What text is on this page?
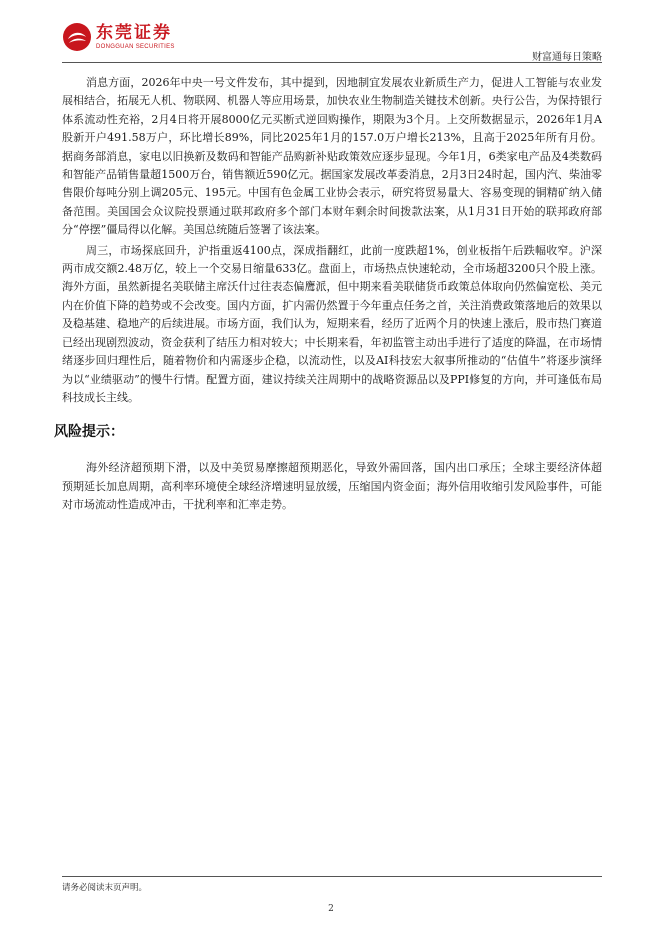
东莞证券
DONGGUAN SECURITIES
财富通每日策略

消息方面，2026年中央一号文件发布，其中提到，因地制宜发展农业新质生产力，促进人工智能与农业发展相结合，拓展无人机、物联网、机器人等应用场景，加快农业生物制造关键技术创新。央行公告，为保持银行体系流动性充裕，2月4日将开展8000亿元买断式逆回购操作，期限为3个月。上交所数据显示，2026年1月A股新开户491.58万户，环比增长89%，同比2025年1月的157.0万户增长213%，且高于2025年所有月份。据商务部消息，家电以旧换新及数码和智能产品购新补贴政策效应逐步显现。今年1月，6类家电产品及4类数码和智能产品销售量超1500万台，销售额近590亿元。据国家发展改革委消息，2月3日24时起，国内汽、柴油零售限价每吨分别上调205元、195元。中国有色金属工业协会表示，研究将贸易量大、容易变现的铜精矿纳入储备范围。美国国会众议院投票通过联邦政府多个部门本财年剩余时间拨款法案，从1月31日开始的联邦政府部分“停摆”僵局得以化解。美国总统随后签署了该法案。

周三，市场探底回升，沪指重返4100点，深成指翻红，此前一度跌超1%，创业板指午后跌幅收窄。沪深两市成交额2.48万亿，较上一个交易日缩量633亿。盘面上，市场热点快速轮动，全市场超3200只个股上涨。海外方面，虽然新提名美联储主席沃什过往表态偏鹰派，但中期来看美联储货币政策总体取向仍然偏宽松、美元内在价值下降的趋势或不会改变。国内方面，扩内需仍然置于今年重点任务之首，关注消费政策落地后的效果以及稳基建、稳地产的后续进展。市场方面，我们认为，短期来看，经历了近两个月的快速上涨后，股市热门赛道已经出现剧烈波动，资金获利了结压力相对较大；中长期来看，年初监管主动出手进行了适度的降温，在市场情绪逐步回归理性后，随着物价和内需逐步企稳，以流动性，以及AI科技宏大叙事所推动的“估值牛”将逐步演绎为以“业绩驱动”的慢牛行情。配置方面，建议持续关注周期中的战略资源品以及PPI修复的方向，并可逢低布局科技成长主线。

风险提示：

海外经济超预期下滑，以及中美贸易摩擦超预期恶化，导致外需回落，国内出口承压；全球主要经济体超预期延长加息周期，高利率环境使全球经济增速明显放缓，压缩国内资金面；海外信用收缩引发风险事件，可能对市场流动性造成冲击，干扰利率和汇率走势。

请务必阅读末页声明。
2
